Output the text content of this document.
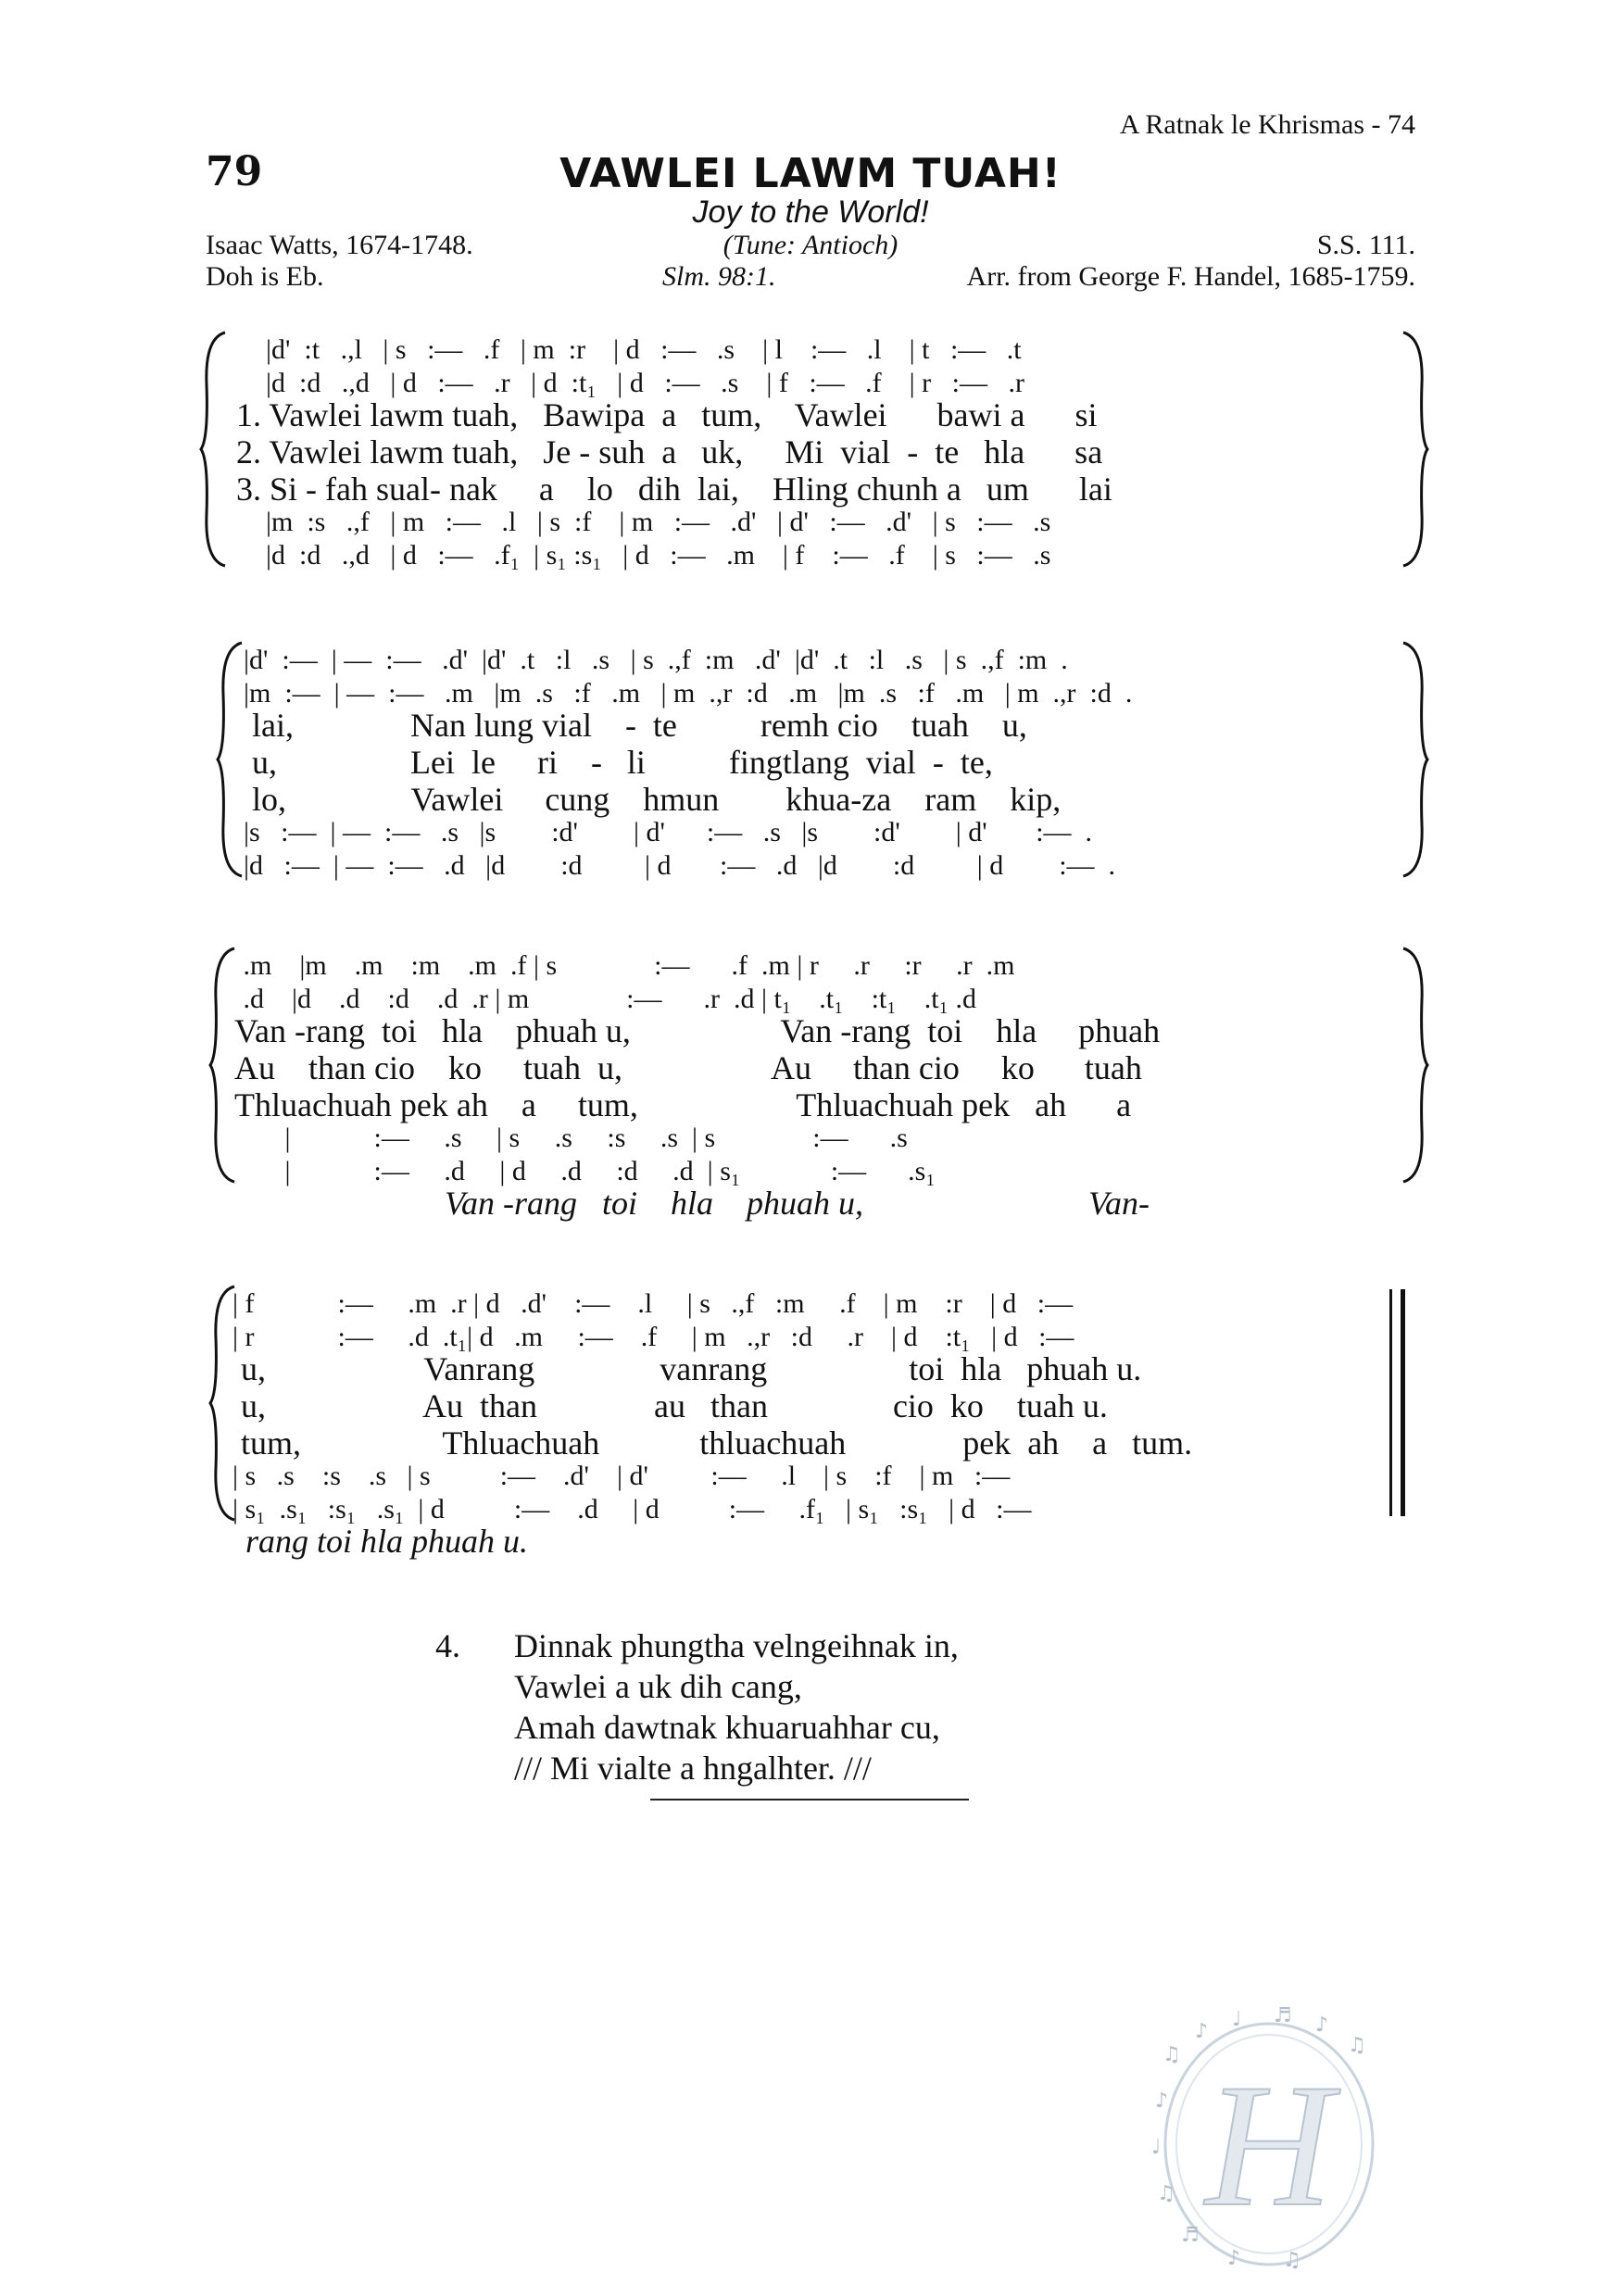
A Ratnak le Khrismas - 74
79	VAWLEI LAWM TUAH!
Joy to the World!
Isaac Watts, 1674-1748.	(Tune: Antioch)	S.S. 111.
Doh is Eb.	Slm. 98:1.	Arr. from George F. Handel, 1685-1759.
|d'  :t   .,l   | s   :—   .f   | m  :r    | d   :—   .s    | l    :—   .l    | t   :—   .t
|d  :d   .,d   | d   :—   .r   | d  :t₁   | d   :—   .s    | f   :—   .f    | r   :—   .r
1. Vawlei lawm tuah,   Bawipa  a   tum,    Vawlei      bawi a      si
2. Vawlei lawm tuah,   Je - suh  a   uk,     Mi  vial  -  te   hla      sa
3. Si - fah sual- nak     a    lo   dih  lai,    Hling chunh a   um      lai
|m  :s   .,f   | m   :—   .l   | s  :f    | m   :—   .d'   | d'   :—   .d'   | s   :—   .s
|d  :d   .,d   | d   :—   .f₁  | s₁ :s₁   | d   :—   .m    | f    :—   .f    | s   :—   .s
|d'  :—  | —  :—   .d'  |d'  .t   :l   .s   | s  .,f  :m   .d'  |d'  .t   :l   .s   | s  .,f  :m  .
|m  :—  | —  :—   .m   |m  .s   :f   .m   | m  .,r  :d   .m   |m  .s   :f   .m   | m  .,r  :d  .
lai,              Nan lung vial    -  te          remh cio    tuah    u,
u,                Lei  le     ri    -   li          fingtlang  vial  -  te,
lo,               Vawlei     cung    hmun        khua-za    ram    kip,
|s   :—  | —  :—   .s   |s        :d'        | d'      :—   .s   |s        :d'        | d'       :—  .
|d   :—  | —  :—   .d   |d        :d         | d       :—   .d   |d        :d         | d        :—  .
.m    |m    .m    :m    .m  .f | s              :—      .f  .m | r     .r     :r     .r  .m
.d    |d    .d    :d    .d  .r | m              :—      .r  .d | t₁    .t₁    :t₁    .t₁ .d
Van -rang  toi   hla    phuah u,                  Van -rang  toi    hla     phuah
Au    than cio    ko     tuah  u,                  Au     than cio     ko      tuah
Thluachuah pek ah    a     tum,                   Thluachuah pek   ah      a
|            :—     .s     | s     .s     :s     .s  | s              :—      .s
|            :—     .d     | d     .d     :d     .d  | s₁             :—      .s₁
Van -rang   toi    hla    phuah u,                           Van-
| f            :—     .m  .r | d   .d'    :—    .l     | s   .,f   :m     .f    | m    :r    | d   :—
| r            :—     .d  .t₁| d   .m     :—    .f     | m   .,r   :d     .r    | d    :t₁   | d   :—
u,                   Vanrang               vanrang                 toi  hla   phuah u.
u,                   Au  than              au   than               cio  ko    tuah u.
tum,                 Thluachuah            thluachuah              pek  ah    a   tum.
| s   .s    :s    .s   | s          :—    .d'    | d'         :—     .l    | s    :f    | m   :—
| s₁  .s₁   :s₁   .s₁  | d          :—    .d     | d          :—     .f₁   | s₁   :s₁   | d   :—
rang toi hla phuah u.
4. Dinnak phungtha velngeihnak in,
Vawlei a uk dih cang,
Amah dawtnak khuaruahhar cu,
/// Mi vialte a hngalhter. ///
H
♫
♪
♩ ♬ ♪
♫
♪
♩
♫
♬
♪ ♫
